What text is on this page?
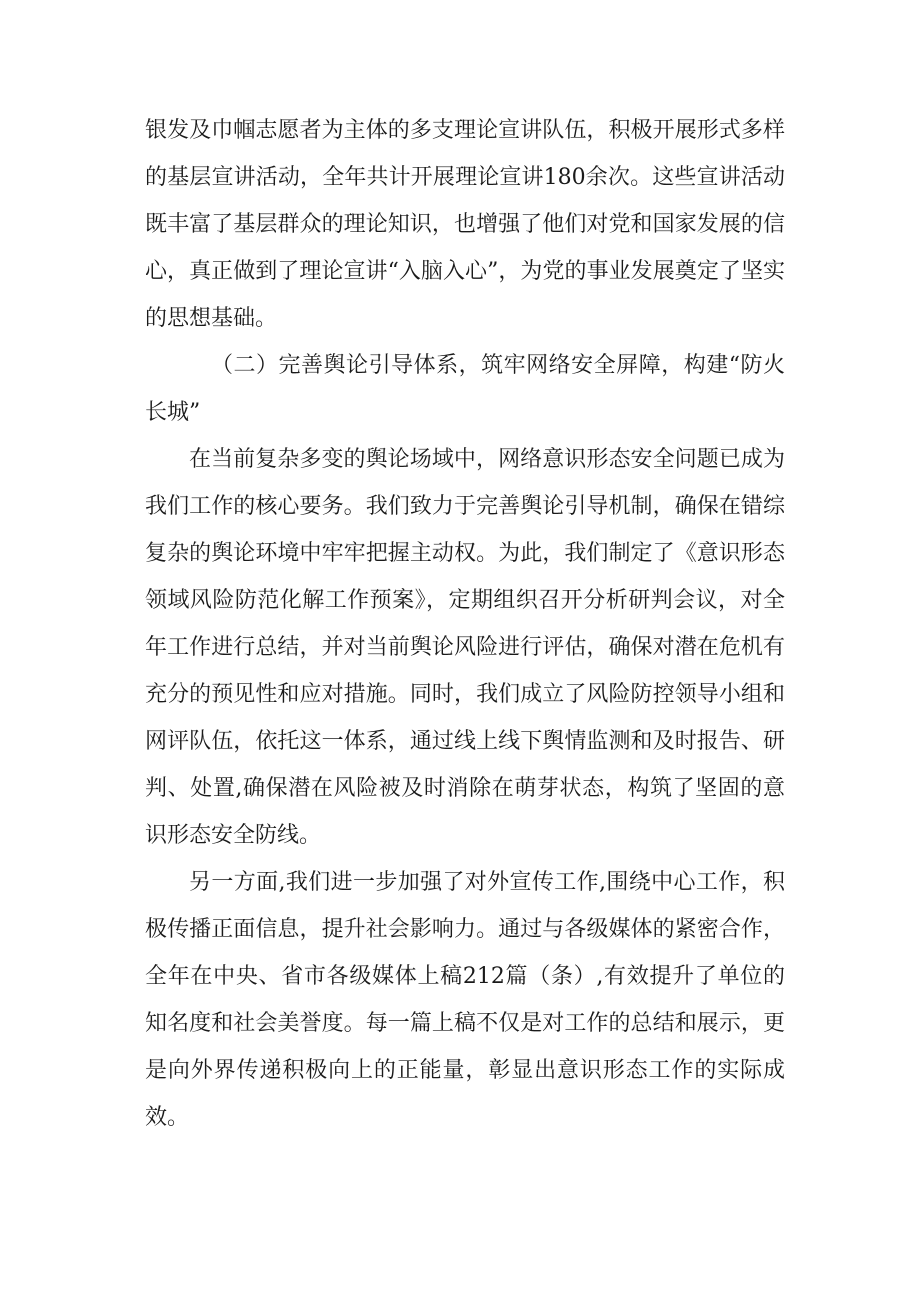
银发及巾帼志愿者为主体的多支理论宣讲队伍，积极开展形式多样的基层宣讲活动，全年共计开展理论宣讲180余次。这些宣讲活动既丰富了基层群众的理论知识，也增强了他们对党和国家发展的信心，真正做到了理论宣讲“入脑入心”，为党的事业发展奠定了坚实的思想基础。

（二）完善舆论引导体系，筑牢网络安全屏障，构建“防火长城”

在当前复杂多变的舆论场域中，网络意识形态安全问题已成为我们工作的核心要务。我们致力于完善舆论引导机制，确保在错综复杂的舆论环境中牢牢把握主动权。为此，我们制定了《意识形态领域风险防范化解工作预案》，定期组织召开分析研判会议，对全年工作进行总结，并对当前舆论风险进行评估，确保对潜在危机有充分的预见性和应对措施。同时，我们成立了风险防控领导小组和网评队伍，依托这一体系，通过线上线下舆情监测和及时报告、研判、处置,确保潜在风险被及时消除在萌芽状态，构筑了坚固的意识形态安全防线。

另一方面,我们进一步加强了对外宣传工作,围绕中心工作，积极传播正面信息，提升社会影响力。通过与各级媒体的紧密合作，全年在中央、省市各级媒体上稿212篇（条）,有效提升了单位的知名度和社会美誉度。每一篇上稿不仅是对工作的总结和展示，更是向外界传递积极向上的正能量，彰显出意识形态工作的实际成效。
